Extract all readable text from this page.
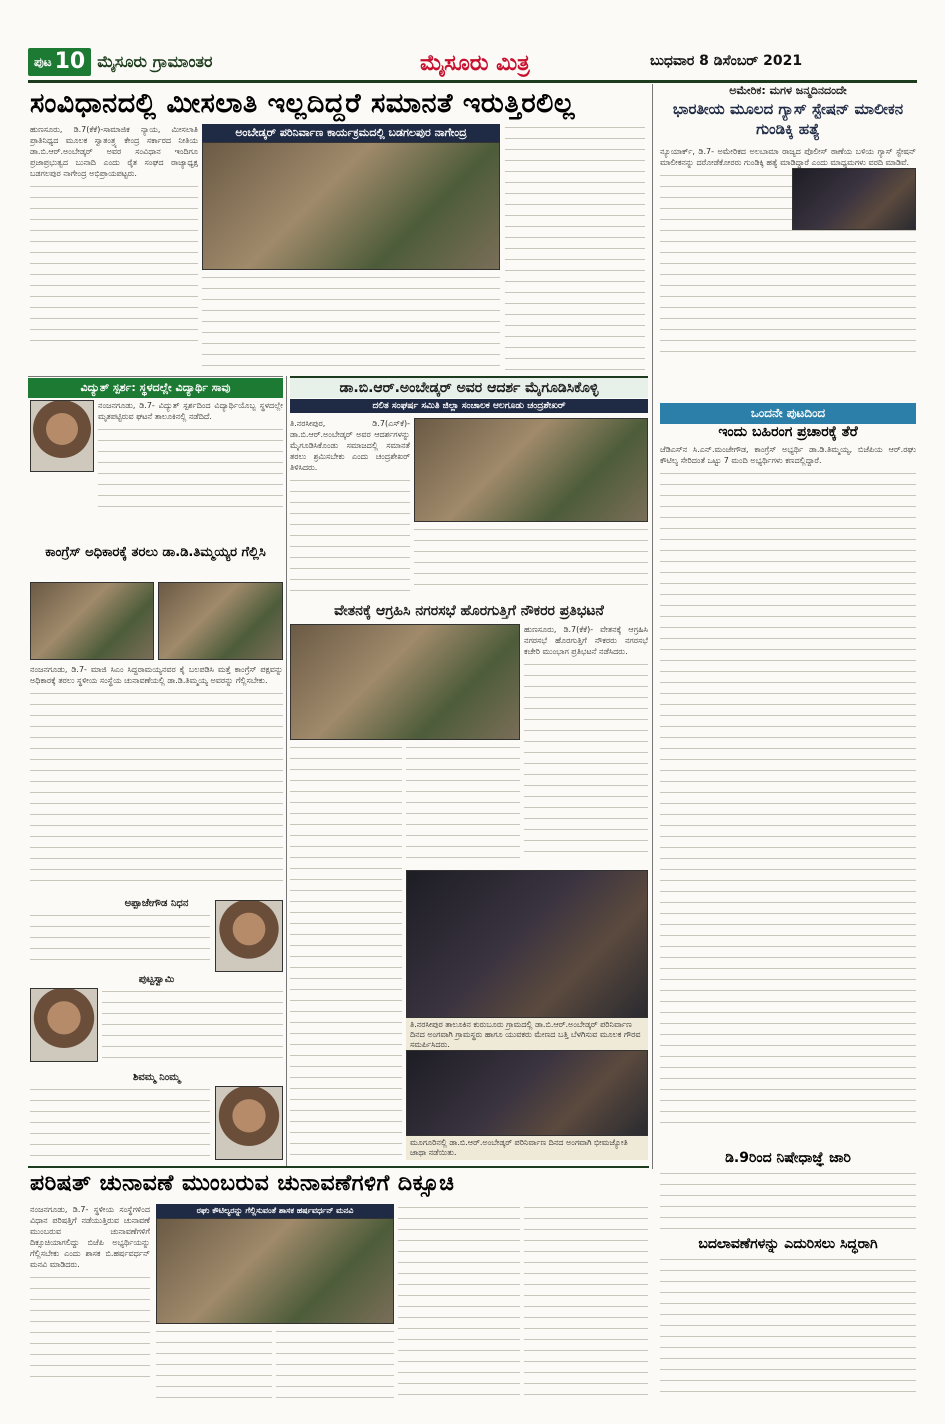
ಪುಟ 10 ಮೈಸೂರು ಗ್ರಾಮಾಂತರ	ಮೈಸೂರು ಮಿತ್ರ	ಬುಧವಾರ 8 ಡಿಸೆಂಬರ್ 2021
ಸಂವಿಧಾನದಲ್ಲಿ ಮೀಸಲಾತಿ ಇಲ್ಲದಿದ್ದರೆ ಸಮಾನತೆ ಇರುತ್ತಿರಲಿಲ್ಲ
ಹುಣಸೂರು, ಡಿ.7(ಕೆಕೆ)-ಸಾಮಾಜಿಕ ನ್ಯಾಯ, ಮೀಸಲಾತಿ ಪ್ರಾತಿನಿಧ್ಯದ ಮೂಲಕ ಸ್ವಾತಂತ್ರ್ಯ ಕೇಂದ್ರ ಸರ್ಕಾರದ ನೀತಿಯ ಡಾ.ಬಿ.ಆರ್.ಅಂಬೇಡ್ಕರ್ ಅವರ ಸಂವಿಧಾನ ಇಂದಿಗೂ ಪ್ರಜಾಪ್ರಭುತ್ವದ ಬುನಾದಿ ಎಂದು ರೈತ ಸಂಘದ ರಾಜ್ಯಾಧ್ಯಕ್ಷ ಬಡಗಲಪುರ ನಾಗೇಂದ್ರ ಅಭಿಪ್ರಾಯಪಟ್ಟರು.
ಅಂಬೇಡ್ಕರ್ ಪರಿನಿರ್ವಾಣ ಕಾರ್ಯಕ್ರಮದಲ್ಲಿ ಬಡಗಲಪುರ ನಾಗೇಂದ್ರ
ಅಮೇರಿಕ: ಮಗಳ ಜನ್ಮದಿನದಂದೇ
ಭಾರತೀಯ ಮೂಲದ ಗ್ಯಾಸ್ ಸ್ಟೇಷನ್ ಮಾಲೀಕನ ಗುಂಡಿಕ್ಕಿ ಹತ್ಯೆ
ನ್ಯೂಯಾರ್ಕ್, ಡಿ.7- ಅಮೇರಿಕದ ಅಲಬಾಮಾ ರಾಜ್ಯದ ಪೊಲೀಸ್ ಠಾಣೆಯ ಬಳಿಯ ಗ್ಯಾಸ್ ಸ್ಟೇಷನ್ ಮಾಲೀಕನನ್ನು ದರೋಡೆಕೋರರು ಗುಂಡಿಕ್ಕಿ ಹತ್ಯೆ ಮಾಡಿದ್ದಾರೆ ಎಂದು ಮಾಧ್ಯಮಗಳು ವರದಿ ಮಾಡಿವೆ.
ಒಂದನೇ ಪುಟದಿಂದ
ಇಂದು ಬಹಿರಂಗ ಪ್ರಚಾರಕ್ಕೆ ತೆರೆ
ಜೆಡಿಎಸ್‌ನ ಸಿ.ಎನ್.ಮಂಜೇಗೌಡ, ಕಾಂಗ್ರೆಸ್ ಅಭ್ಯರ್ಥಿ ಡಾ.ಡಿ.ತಿಮ್ಮಯ್ಯ, ಬಿಜೆಪಿಯ ಆರ್.ರಘು ಕೌಟಿಲ್ಯ ಸೇರಿದಂತೆ ಒಟ್ಟು 7 ಮಂದಿ ಅಭ್ಯರ್ಥಿಗಳು ಕಣದಲ್ಲಿದ್ದಾರೆ.
ಡಿ.9ರಿಂದ ನಿಷೇಧಾಜ್ಞೆ ಜಾರಿ
ಬದಲಾವಣೆಗಳನ್ನು ಎದುರಿಸಲು ಸಿದ್ಧರಾಗಿ
ವಿದ್ಯುತ್ ಸ್ಪರ್ಶ: ಸ್ಥಳದಲ್ಲೇ ವಿದ್ಯಾರ್ಥಿ ಸಾವು
ನಂಜನಗೂಡು, ಡಿ.7- ವಿದ್ಯುತ್ ಸ್ಪರ್ಶದಿಂದ ವಿದ್ಯಾರ್ಥಿಯೊಬ್ಬ ಸ್ಥಳದಲ್ಲೇ ಮೃತಪಟ್ಟಿರುವ ಘಟನೆ ತಾಲೂಕಿನಲ್ಲಿ ನಡೆದಿದೆ.
ಕಾಂಗ್ರೆಸ್ ಅಧಿಕಾರಕ್ಕೆ ತರಲು ಡಾ.ಡಿ.ತಿಮ್ಮಯ್ಯರ ಗೆಲ್ಲಿಸಿ
ನಂಜನಗೂಡು, ಡಿ.7- ಮಾಜಿ ಸಿಎಂ ಸಿದ್ದರಾಮಯ್ಯನವರ ಕೈ ಬಲಪಡಿಸಿ ಮತ್ತೆ ಕಾಂಗ್ರೆಸ್ ಪಕ್ಷವನ್ನು ಅಧಿಕಾರಕ್ಕೆ ತರಲು ಸ್ಥಳೀಯ ಸಂಸ್ಥೆಯ ಚುನಾವಣೆಯಲ್ಲಿ ಡಾ.ಡಿ.ತಿಮ್ಮಯ್ಯ ಅವರನ್ನು ಗೆಲ್ಲಿಸಬೇಕು.
ಅಪ್ಪಾಜೇಗೌಡ ನಿಧನ
ಪುಟ್ಟಸ್ವಾಮಿ
ಶಿವಮ್ಮ ನಿಂಮ್ಮ
ಡಾ.ಬಿ.ಆರ್.ಅಂಬೇಡ್ಕರ್ ಅವರ ಆದರ್ಶ ಮೈಗೂಡಿಸಿಕೊಳ್ಳಿ
ದಲಿತ ಸಂಘರ್ಷ ಸಮಿತಿ ಜಿಲ್ಲಾ ಸಂಚಾಲಕ ಆಲಗೂಡು ಚಂದ್ರಶೇಖರ್
ತಿ.ನರಸೀಪುರ, ಡಿ.7(ಎಸ್‌ಕೆ)- ಡಾ.ಬಿ.ಆರ್.ಅಂಬೇಡ್ಕರ್ ಅವರ ಆದರ್ಶಗಳನ್ನು ಮೈಗೂಡಿಸಿಕೊಂಡು ಸಮಾಜದಲ್ಲಿ ಸಮಾನತೆ ತರಲು ಶ್ರಮಿಸಬೇಕು ಎಂದು ಚಂದ್ರಶೇಖರ್ ತಿಳಿಸಿದರು.
ವೇತನಕ್ಕೆ ಆಗ್ರಹಿಸಿ ನಗರಸಭೆ ಹೊರಗುತ್ತಿಗೆ ನೌಕರರ ಪ್ರತಿಭಟನೆ
ಹುಣಸೂರು, ಡಿ.7(ಕೆಕೆ)- ವೇತನಕ್ಕೆ ಆಗ್ರಹಿಸಿ ನಗರಸಭೆ ಹೊರಗುತ್ತಿಗೆ ನೌಕರರು ನಗರಸಭೆ ಕಚೇರಿ ಮುಂಭಾಗ ಪ್ರತಿಭಟನೆ ನಡೆಸಿದರು.
ತಿ.ನರಸೀಪುರ ತಾಲೂಕಿನ ಕುರುಬೂರು ಗ್ರಾಮದಲ್ಲಿ ಡಾ.ಬಿ.ಆರ್.ಅಂಬೇಡ್ಕರ್ ಪರಿನಿರ್ವಾಣ ದಿನದ ಅಂಗವಾಗಿ ಗ್ರಾಮಸ್ಥರು ಹಾಗೂ ಯುವಕರು ಮೇಣದ ಬತ್ತಿ ಬೆಳಗಿಸುವ ಮೂಲಕ ಗೌರವ ಸಮರ್ಪಿಸಿದರು.
ಮೂಗೂರಿನಲ್ಲಿ ಡಾ.ಬಿ.ಆರ್.ಅಂಬೇಡ್ಕರ್ ಪರಿನಿರ್ವಾಣ ದಿನದ ಅಂಗವಾಗಿ ಭೀಮಜ್ಯೋತಿ ಜಾಥಾ ನಡೆಯಿತು.
ಪರಿಷತ್ ಚುನಾವಣೆ ಮುಂಬರುವ ಚುನಾವಣೆಗಳಿಗೆ ದಿಕ್ಸೂಚಿ
ನಂಜನಗೂಡು, ಡಿ.7- ಸ್ಥಳೀಯ ಸಂಸ್ಥೆಗಳಿಂದ ವಿಧಾನ ಪರಿಷತ್ತಿಗೆ ನಡೆಯುತ್ತಿರುವ ಚುನಾವಣೆ ಮುಂಬರುವ ಚುನಾವಣೆಗಳಿಗೆ ದಿಕ್ಸೂಚಿಯಾಗಲಿದ್ದು ಬಿಜೆಪಿ ಅಭ್ಯರ್ಥಿಯನ್ನು ಗೆಲ್ಲಿಸಬೇಕು ಎಂದು ಶಾಸಕ ಬಿ.ಹರ್ಷವರ್ಧನ್ ಮನವಿ ಮಾಡಿದರು.
ರಘು ಕೌಟಿಲ್ಯರನ್ನು ಗೆಲ್ಲಿಸುವಂತೆ ಶಾಸಕ ಹರ್ಷವರ್ಧನ್ ಮನವಿ
